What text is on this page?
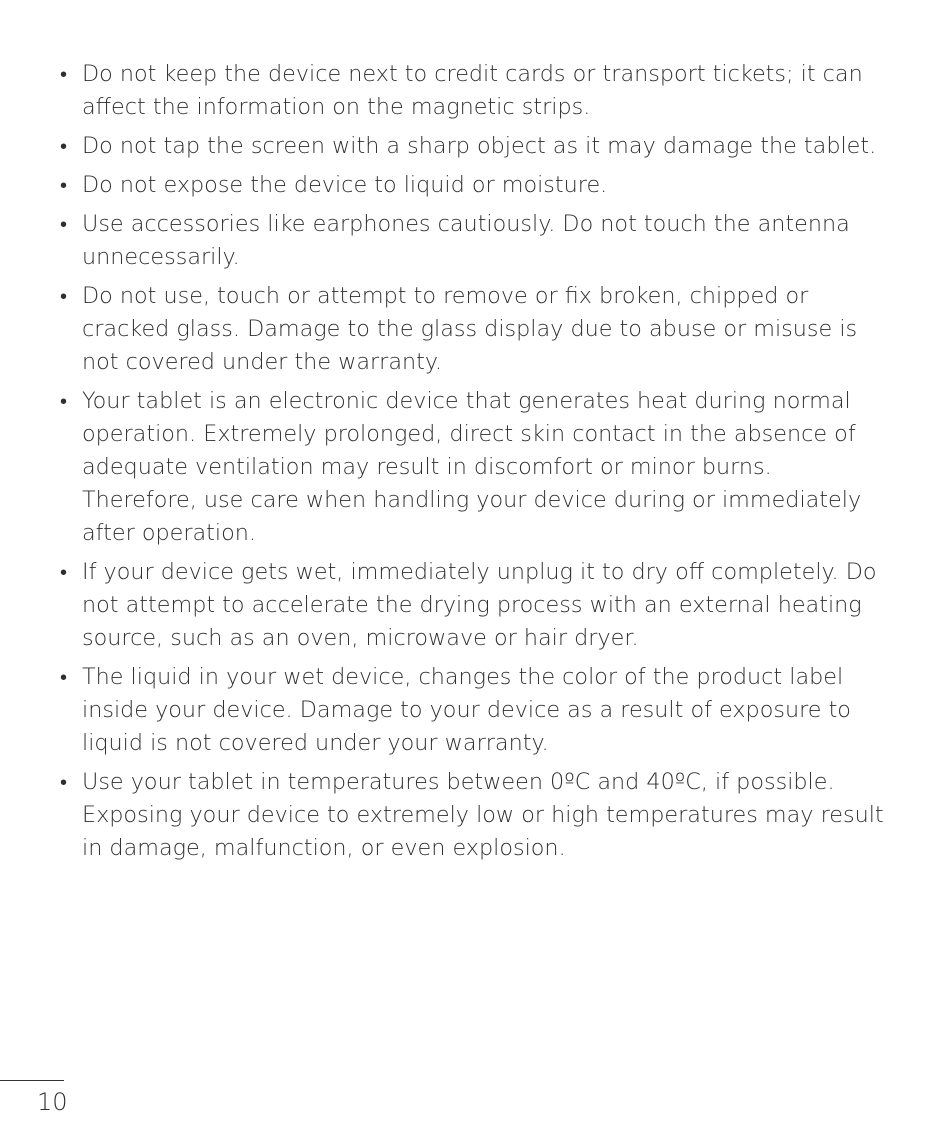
• Do not keep the device next to credit cards or transport tickets; it can affect the information on the magnetic strips.
• Do not tap the screen with a sharp object as it may damage the tablet.
• Do not expose the device to liquid or moisture.
• Use accessories like earphones cautiously. Do not touch the antenna unnecessarily.
• Do not use, touch or attempt to remove or fix broken, chipped or cracked glass. Damage to the glass display due to abuse or misuse is not covered under the warranty.
• Your tablet is an electronic device that generates heat during normal operation. Extremely prolonged, direct skin contact in the absence of adequate ventilation may result in discomfort or minor burns. Therefore, use care when handling your device during or immediately after operation.
• If your device gets wet, immediately unplug it to dry off completely. Do not attempt to accelerate the drying process with an external heating source, such as an oven, microwave or hair dryer.
• The liquid in your wet device, changes the color of the product label inside your device. Damage to your device as a result of exposure to liquid is not covered under your warranty.
• Use your tablet in temperatures between 0ºC and 40ºC, if possible. Exposing your device to extremely low or high temperatures may result in damage, malfunction, or even explosion.
10
